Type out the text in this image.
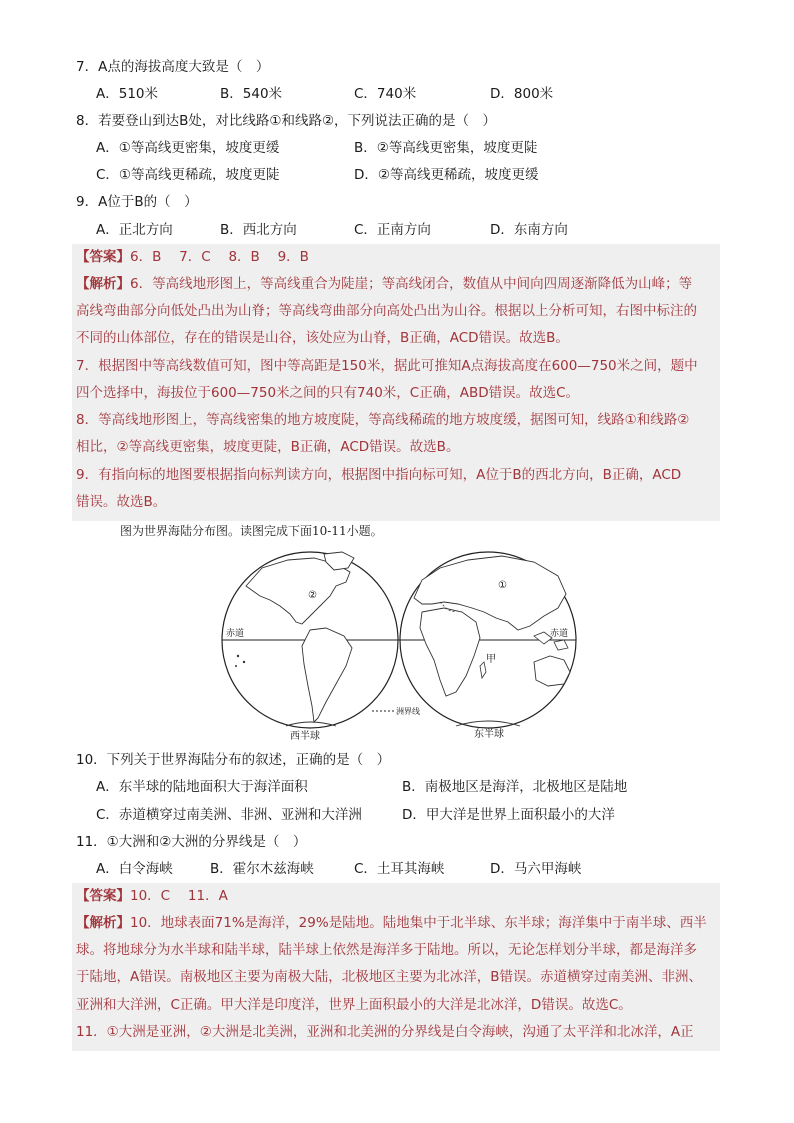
7．A点的海拔高度大致是（　）
A．510米	B．540米	C．740米	D．800米
8．若要登山到达B处，对比线路①和线路②，下列说法正确的是（　）
A．①等高线更密集，坡度更缓	B．②等高线更密集，坡度更陡
C．①等高线更稀疏，坡度更陡	D．②等高线更稀疏，坡度更缓
9．A位于B的（　）
A．正北方向	B．西北方向	C．正南方向	D．东南方向
【答案】6．B　 7．C　 8．B　 9．B
【解析】6．等高线地形图上，等高线重合为陡崖；等高线闭合，数值从中间向四周逐渐降低为山峰；等
高线弯曲部分向低处凸出为山脊；等高线弯曲部分向高处凸出为山谷。根据以上分析可知，右图中标注的
不同的山体部位，存在的错误是山谷，该处应为山脊，B正确，ACD错误。故选B。
7．根据图中等高线数值可知，图中等高距是150米，据此可推知A点海拔高度在600—750米之间，题中
四个选择中，海拔位于600—750米之间的只有740米，C正确，ABD错误。故选C。
8．等高线地形图上，等高线密集的地方坡度陡，等高线稀疏的地方坡度缓，据图可知，线路①和线路②
相比，②等高线更密集，坡度更陡，B正确，ACD错误。故选B。
9．有指向标的地图要根据指向标判读方向，根据图中指向标可知，A位于B的西北方向，B正确，ACD
错误。故选B。
图为世界海陆分布图。读图完成下面10-11小题。
赤道	赤道
②
①
甲
洲界线
西半球	东半球
10．下列关于世界海陆分布的叙述，正确的是（　）
A．东半球的陆地面积大于海洋面积	B．南极地区是海洋，北极地区是陆地
C．赤道横穿过南美洲、非洲、亚洲和大洋洲	D．甲大洋是世界上面积最小的大洋
11．①大洲和②大洲的分界线是（　）
A．白令海峡	B．霍尔木兹海峡	C．土耳其海峡	D．马六甲海峡
【答案】10．C　 11．A
【解析】10．地球表面71%是海洋，29%是陆地。陆地集中于北半球、东半球；海洋集中于南半球、西半
球。将地球分为水半球和陆半球，陆半球上依然是海洋多于陆地。所以，无论怎样划分半球，都是海洋多
于陆地，A错误。南极地区主要为南极大陆，北极地区主要为北冰洋，B错误。赤道横穿过南美洲、非洲、
亚洲和大洋洲，C正确。甲大洋是印度洋，世界上面积最小的大洋是北冰洋，D错误。故选C。
11．①大洲是亚洲，②大洲是北美洲，亚洲和北美洲的分界线是白令海峡，沟通了太平洋和北冰洋，A正
